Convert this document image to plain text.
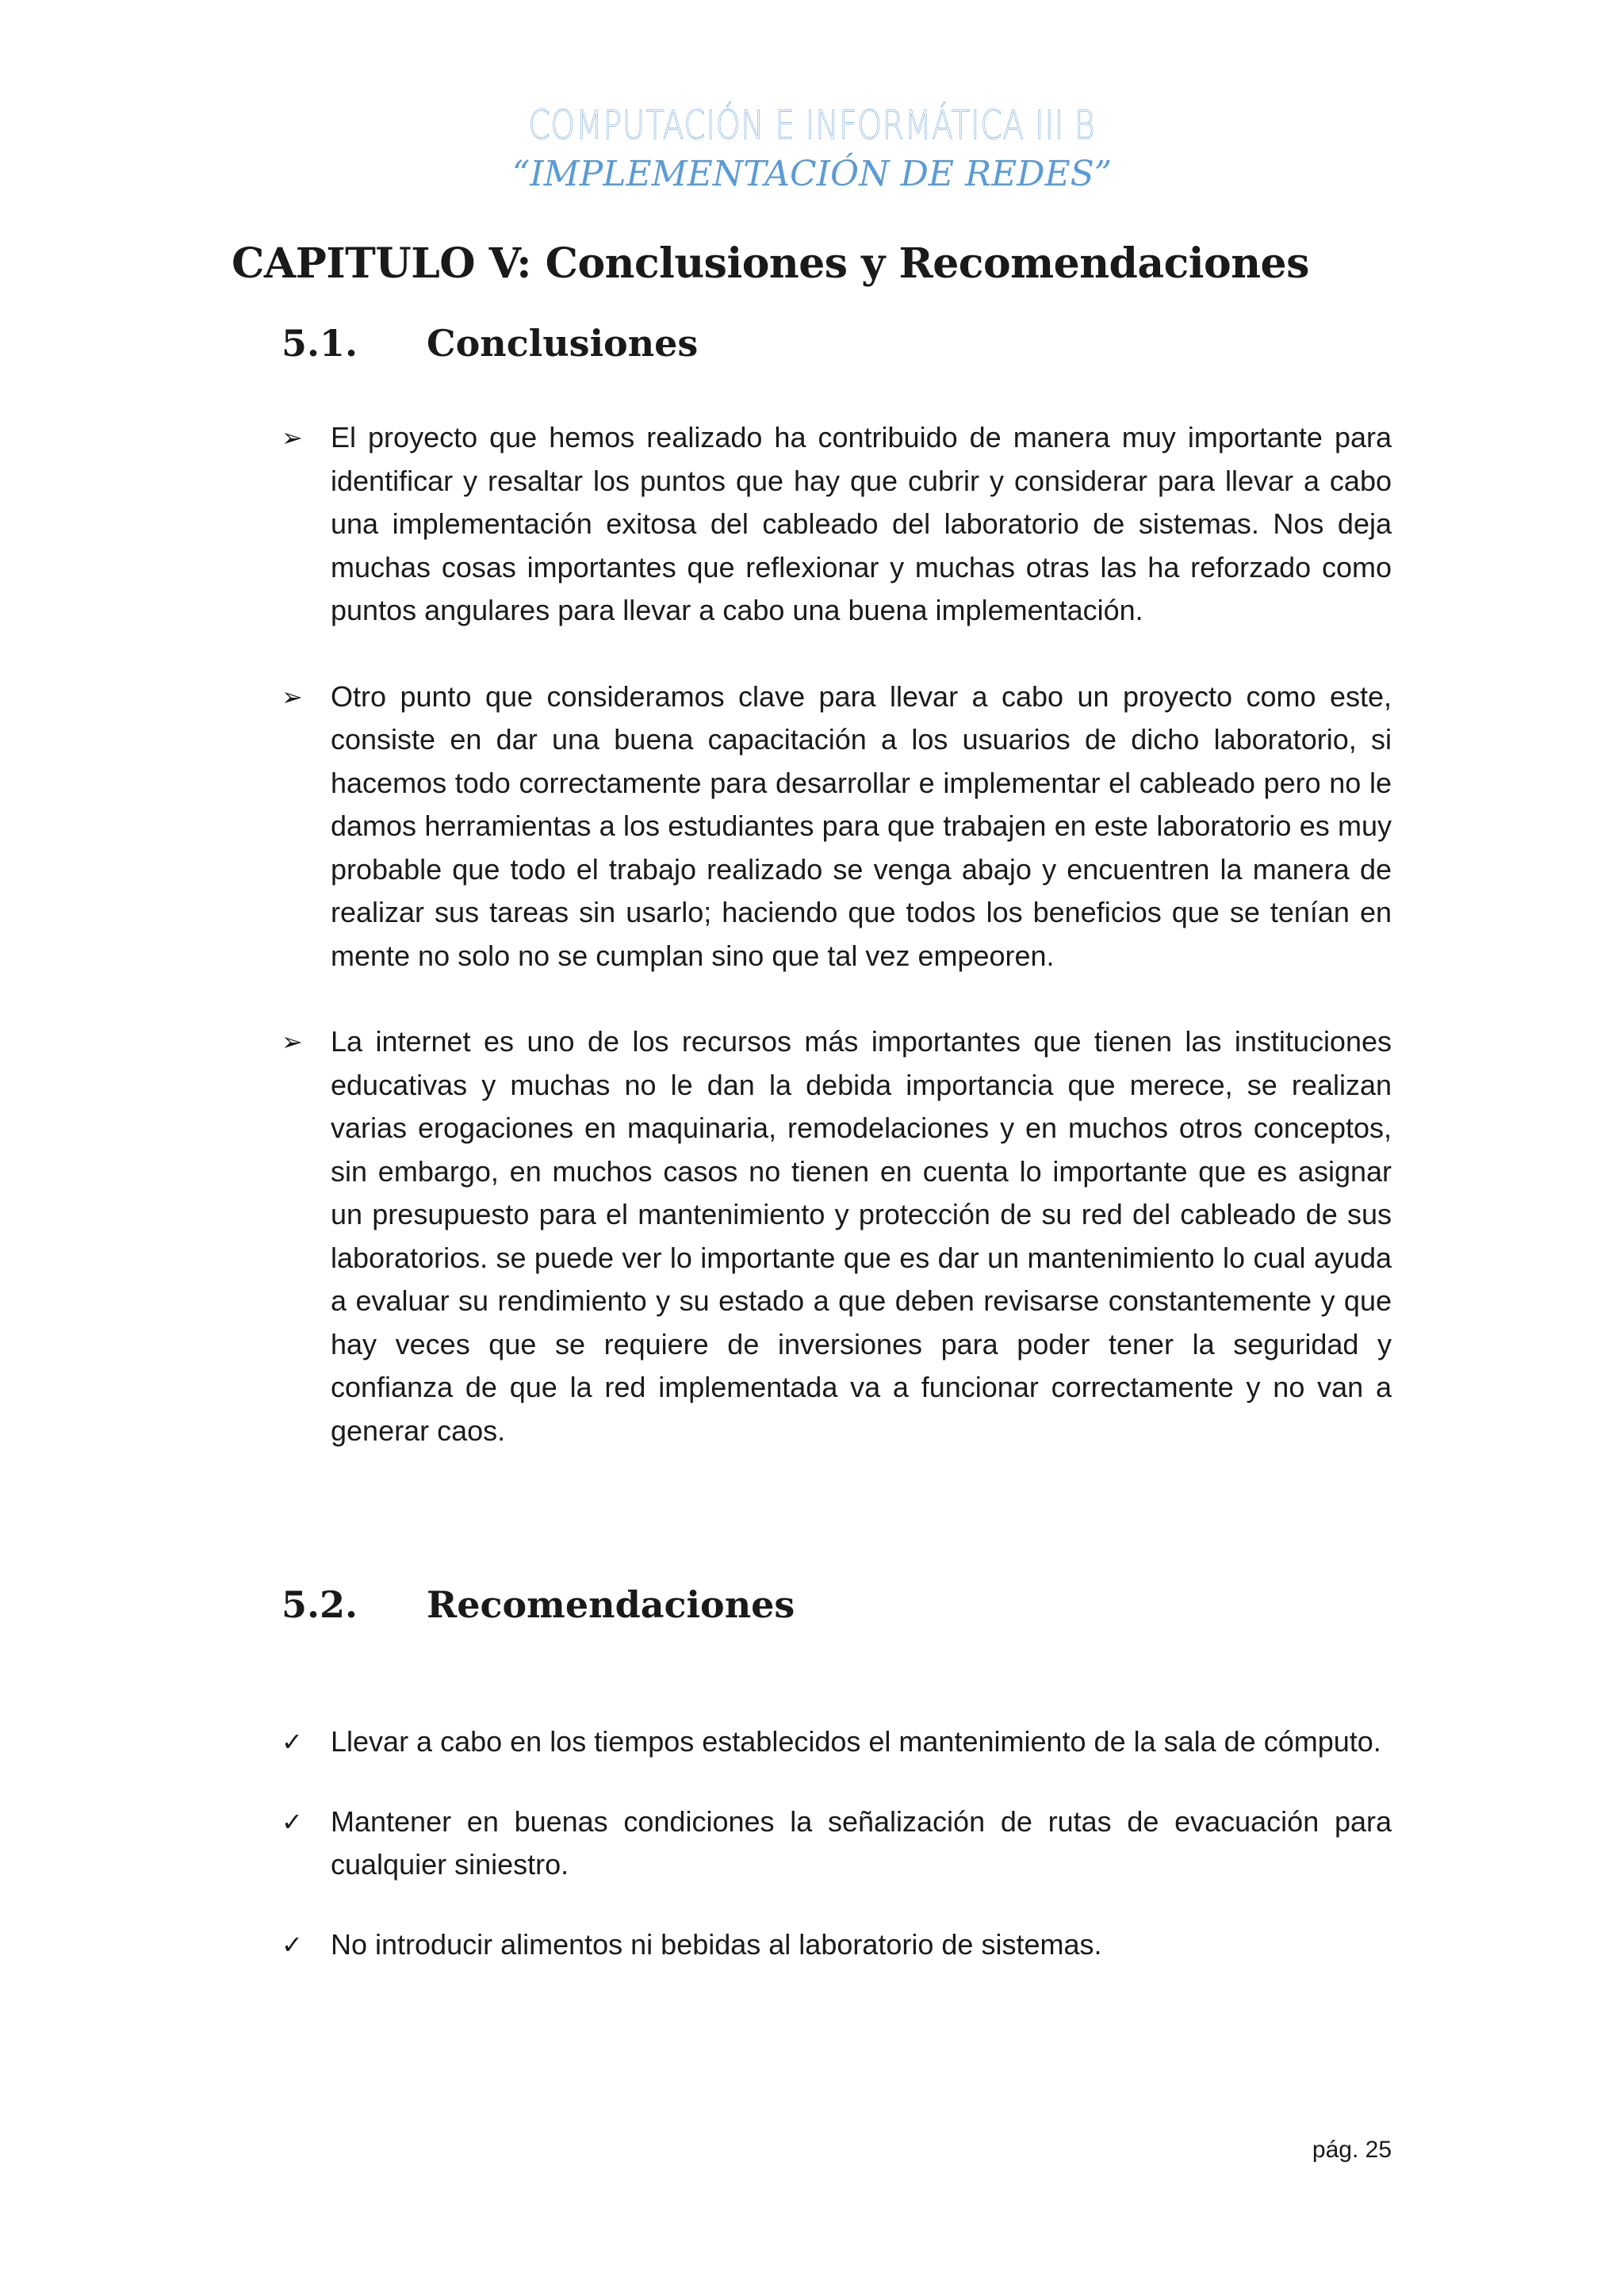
COMPUTACIÓN E INFORMÁTICA III B
“IMPLEMENTACIÓN DE REDES”
CAPITULO V: Conclusiones y Recomendaciones
5.1. Conclusiones
➢ El proyecto que hemos realizado ha contribuido de manera muy importante para identificar y resaltar los puntos que hay que cubrir y considerar para llevar a cabo una implementación exitosa del cableado del laboratorio de sistemas. Nos deja muchas cosas importantes que reflexionar y muchas otras las ha reforzado como puntos angulares para llevar a cabo una buena implementación.
➢ Otro punto que consideramos clave para llevar a cabo un proyecto como este, consiste en dar una buena capacitación a los usuarios de dicho laboratorio, si hacemos todo correctamente para desarrollar e implementar el cableado pero no le damos herramientas a los estudiantes para que trabajen en este laboratorio es muy probable que todo el trabajo realizado se venga abajo y encuentren la manera de realizar sus tareas sin usarlo; haciendo que todos los beneficios que se tenían en mente no solo no se cumplan sino que tal vez empeoren.
➢ La internet es uno de los recursos más importantes que tienen las instituciones educativas y muchas no le dan la debida importancia que merece, se realizan varias erogaciones en maquinaria, remodelaciones y en muchos otros conceptos, sin embargo, en muchos casos no tienen en cuenta lo importante que es asignar un presupuesto para el mantenimiento y protección de su red del cableado de sus laboratorios. se puede ver lo importante que es dar un mantenimiento lo cual ayuda a evaluar su rendimiento y su estado a que deben revisarse constantemente y que hay veces que se requiere de inversiones para poder tener la seguridad y confianza de que la red implementada va a funcionar correctamente y no van a generar caos.
5.2. Recomendaciones
✓ Llevar a cabo en los tiempos establecidos el mantenimiento de la sala de cómputo.
✓ Mantener en buenas condiciones la señalización de rutas de evacuación para cualquier siniestro.
✓ No introducir alimentos ni bebidas al laboratorio de sistemas.
pág. 25
